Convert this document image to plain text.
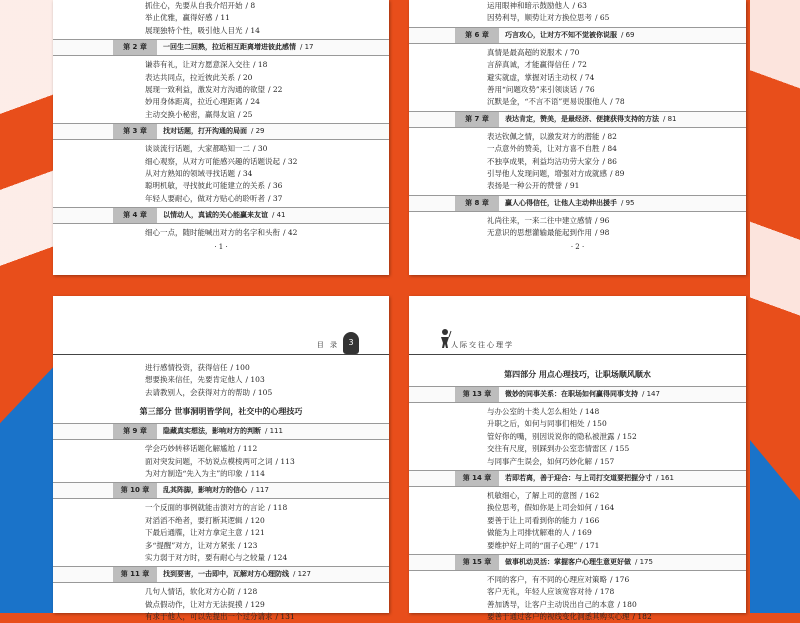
抓住心，先要从自我介绍开始 / 8
举止优雅，赢得好感 / 11
展现独特个性，吸引他人目光 / 14
第 2 章 一回生二回熟，拉近相互距离增进彼此感情 / 17
谦恭有礼，让对方愿意深入交往 / 18
表达共同点，拉近彼此关系 / 20
展现一致利益，激发对方沟通的欲望 / 22
妙用身体距离，拉近心理距离 / 24
主动交换小秘密，赢得友谊 / 25
第 3 章 找对话题，打开沟通的局面 / 29
谈谈流行话题，大家都略知一二 / 30
细心观察，从对方可能感兴趣的话题说起 / 32
从对方熟知的领域寻找话题 / 34
聪明机敏，寻找彼此可能建立的关系 / 36
年轻人要耐心，做对方贴心的聆听者 / 37
第 4 章 以情动人，真诚的关心能赢来友谊 / 41
细心一点，随时能喊出对方的名字和头衔 / 42
· 1 ·
运用眼神和暗示鼓励他人 / 63
因势利导，顺势让对方换位思考 / 65
第 6 章 巧言攻心，让对方不知不觉被你说服 / 69
真情是最高超的说服术 / 70
言辞真诚，才能赢得信任 / 72
避实就虚，掌握对话主动权 / 74
善用“问题攻势”来引领谈话 / 76
沉默是金，“不言不语”更易说服他人 / 78
第 7 章 表达肯定，赞美，是最经济、便捷获得支持的方法 / 81
表达钦佩之情，以激发对方的潜能 / 82
一点意外的赞美，让对方喜不自胜 / 84
不独享成果，利益均沾功劳大家分 / 86
引导他人发现问题，增强对方成就感 / 89
表扬是一种公开的赞誉 / 91
第 8 章 赢人心得信任，让他人主动伸出援手 / 95
礼尚往来，一来二往中建立感情 / 96
无意识的思想灌输最能起到作用 / 98
· 2 ·
目 录	3
进行感情投资，获得信任 / 100
想要换来信任，先要肯定他人 / 103
去请教别人，会获得对方的帮助 / 105
第三部分 世事洞明皆学问，社交中的心理技巧
第 9 章 隐藏真实想法，影响对方的判断 / 111
学会巧妙转移话题化解尴尬 / 112
面对突发问题，不妨说点模棱两可之词 / 113
为对方制造“先入为主”的印象 / 114
第 10 章 乱其阵脚，影响对方的信心 / 117
一个反面的事例就能击溃对方的言论 / 118
对滔滔不绝者，要打断其逻辑 / 120
下最后通牒，让对方拿定主意 / 121
多“提醒”对方，让对方紧张 / 123
实力弱于对方时，要有耐心与之较量 / 124
第 11 章 找到要害，一击即中，瓦解对方心理防线 / 127
几句人情话，软化对方心防 / 128
做点假动作，让对方无法捉摸 / 129
有求于他人，可以先提出一个过分请求 / 131
人际交往心理学
第四部分 用点心理技巧，让职场顺风顺水
第 13 章 微妙的同事关系：在职场如何赢得同事支持 / 147
与办公室的十类人怎么相处 / 148
升职之后，如何与同事们相处 / 150
管好你的嘴，别因说说你的隐私被泄露 / 152
交往有尺度，别踩到办公室恋情雷区 / 155
与同事产生误会，如何巧妙化解 / 157
第 14 章 若即若离，善于迎合：与上司打交道要把握分寸 / 161
机敏细心，了解上司的意图 / 162
换位思考，假如你是上司会如何 / 164
要善于让上司看到你的能力 / 166
做能为上司排忧解难的人 / 169
要维护好上司的“面子心理” / 171
第 15 章 做事机动灵活：掌握客户心理生意更好做 / 175
不同的客户，有不同的心理应对策略 / 176
客户无礼，年轻人应该宽容对待 / 178
善加诱导，让客户主动说出自己的本意 / 180
要善于通过客户的视线变化洞悉其购买心理 / 182
